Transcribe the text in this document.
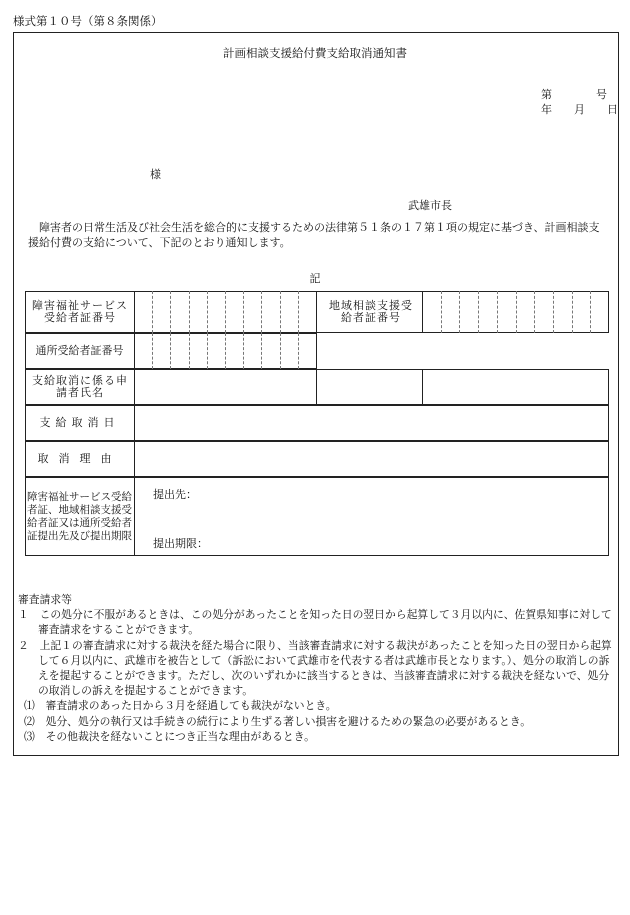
様式第１０号（第８条関係）
計画相談支援給付費支給取消通知書
第　　　　号
年　　月　　日
様
武雄市長
障害者の日常生活及び社会生活を総合的に支援するための法律第５１条の１７第１項の規定に基づき、計画相談支援給付費の支給について、下記のとおり通知します。
記
障害福祉サービス受給者証番号
地域相談支援受給者証番号
通所受給者証番号
支給取消に係る申請者氏名
支給取消日
取消理由
障害福祉サービス受給者証、地域相談支援受給者証又は通所受給者証提出先及び提出期限
提出先：
提出期限：

審査請求等

１　この処分に不服があるときは、この処分があったことを知った日の翌日から起算して３月以内に、佐賀県知事に対して審査請求をすることができます。

２　上記１の審査請求に対する裁決を経た場合に限り、当該審査請求に対する裁決があったことを知った日の翌日から起算して６月以内に、武雄市を被告として（訴訟において武雄市を代表する者は武雄市長となります。）、処分の取消しの訴えを提起することができます。ただし、次のいずれかに該当するときは、当該審査請求に対する裁決を経ないで、処分の取消しの訴えを提起することができます。

⑴　審査請求のあった日から３月を経過しても裁決がないとき。

⑵　処分、処分の執行又は手続きの続行により生ずる著しい損害を避けるための緊急の必要があるとき。

⑶　その他裁決を経ないことにつき正当な理由があるとき。
